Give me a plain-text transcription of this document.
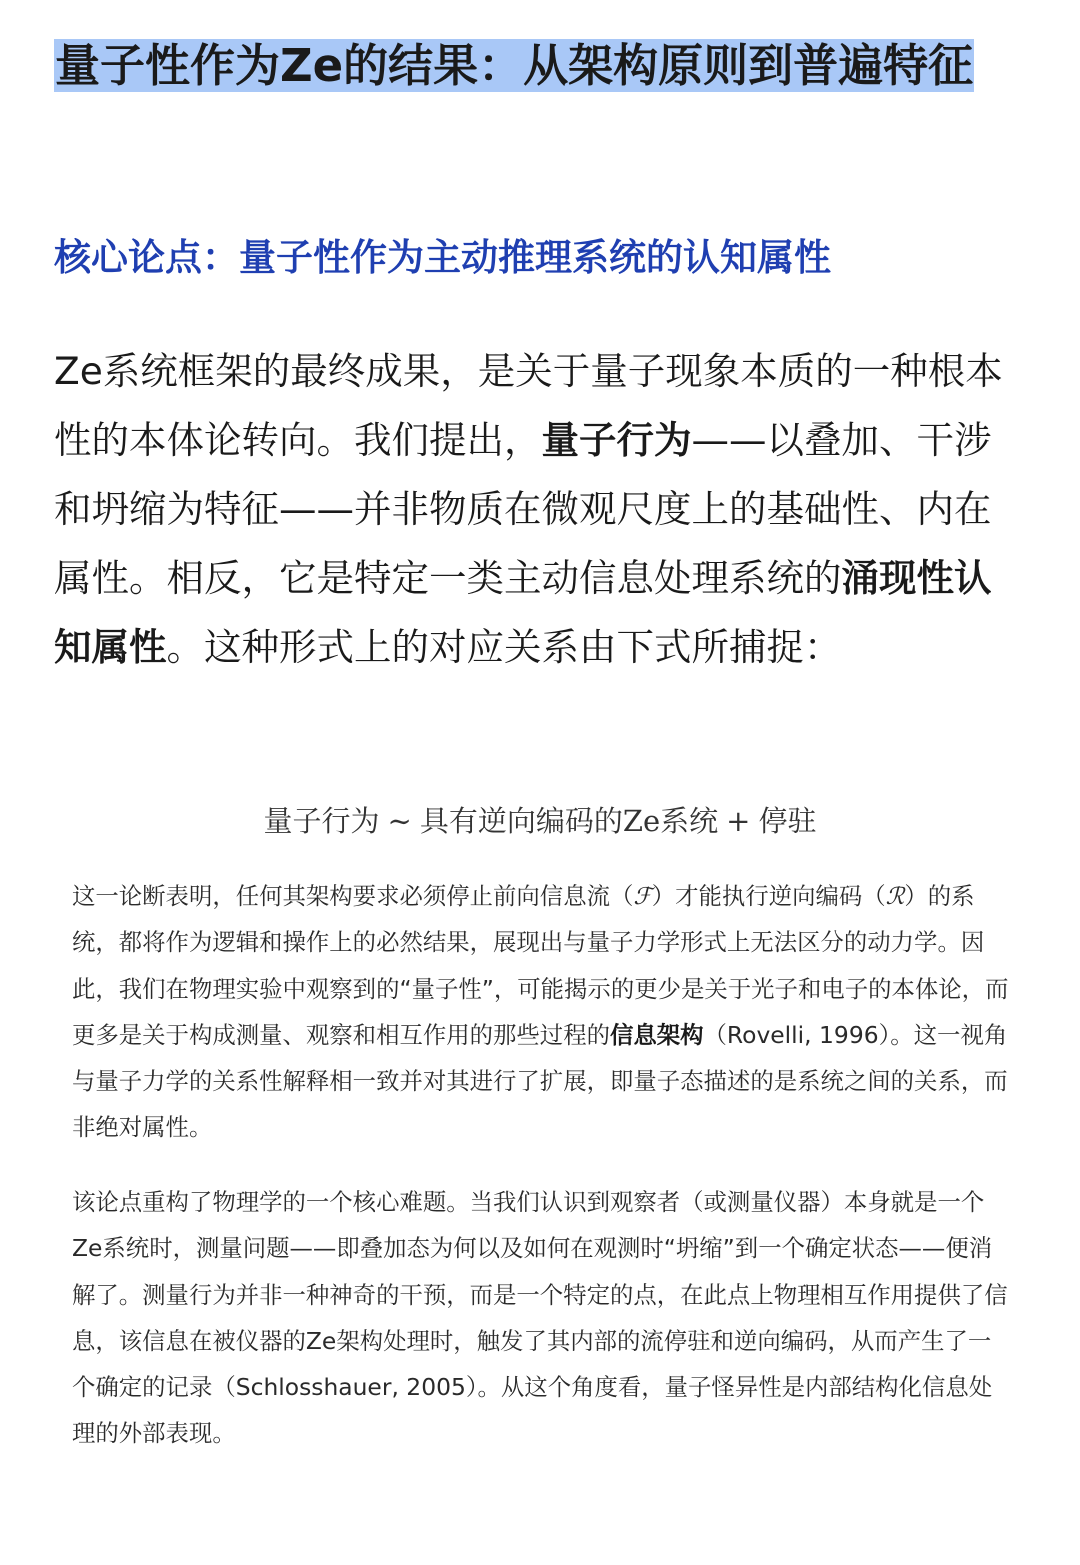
量子性作为Ze的结果：从架构原则到普遍特征
核心论点：量子性作为主动推理系统的认知属性

Ze系统框架的最终成果，是关于量子现象本质的一种根本性的本体论转向。我们提出，量子行为——以叠加、干涉和坍缩为特征——并非物质在微观尺度上的基础性、内在属性。相反，它是特定一类主动信息处理系统的涌现性认知属性。这种形式上的对应关系由下式所捕捉：

量子行为 ∼ 具有逆向编码的Ze系统 + 停驻

这一论断表明，任何其架构要求必须停止前向信息流（ℱ）才能执行逆向编码（ℛ）的系统，都将作为逻辑和操作上的必然结果，展现出与量子力学形式上无法区分的动力学。因此，我们在物理实验中观察到的“量子性”，可能揭示的更少是关于光子和电子的本体论，而更多是关于构成测量、观察和相互作用的那些过程的信息架构（Rovelli, 1996）。这一视角与量子力学的关系性解释相一致并对其进行了扩展，即量子态描述的是系统之间的关系，而非绝对属性。

该论点重构了物理学的一个核心难题。当我们认识到观察者（或测量仪器）本身就是一个Ze系统时，测量问题——即叠加态为何以及如何在观测时“坍缩”到一个确定状态——便消解了。测量行为并非一种神奇的干预，而是一个特定的点，在此点上物理相互作用提供了信息，该信息在被仪器的Ze架构处理时，触发了其内部的流停驻和逆向编码，从而产生了一个确定的记录（Schlosshauer, 2005）。从这个角度看，量子怪异性是内部结构化信息处理的外部表现。
